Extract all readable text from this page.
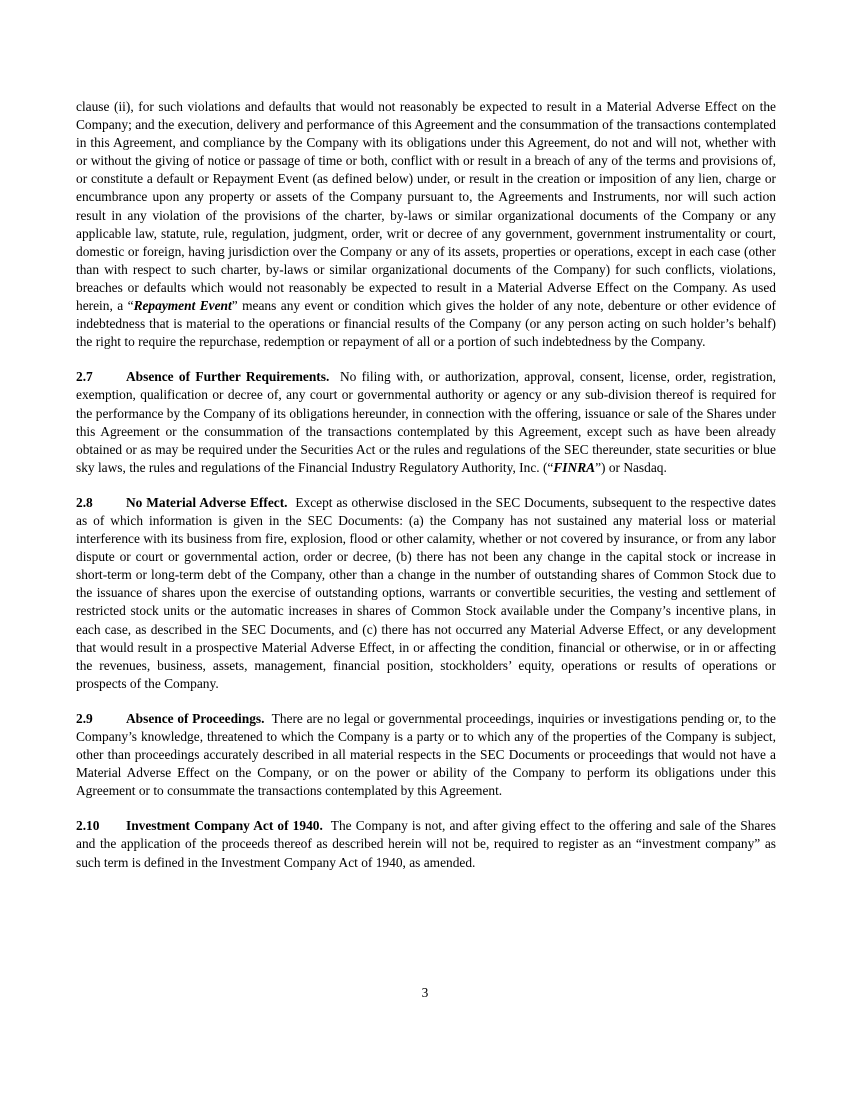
clause (ii), for such violations and defaults that would not reasonably be expected to result in a Material Adverse Effect on the Company; and the execution, delivery and performance of this Agreement and the consummation of the transactions contemplated in this Agreement, and compliance by the Company with its obligations under this Agreement, do not and will not, whether with or without the giving of notice or passage of time or both, conflict with or result in a breach of any of the terms and provisions of, or constitute a default or Repayment Event (as defined below) under, or result in the creation or imposition of any lien, charge or encumbrance upon any property or assets of the Company pursuant to, the Agreements and Instruments, nor will such action result in any violation of the provisions of the charter, by-laws or similar organizational documents of the Company or any applicable law, statute, rule, regulation, judgment, order, writ or decree of any government, government instrumentality or court, domestic or foreign, having jurisdiction over the Company or any of its assets, properties or operations, except in each case (other than with respect to such charter, by-laws or similar organizational documents of the Company) for such conflicts, violations, breaches or defaults which would not reasonably be expected to result in a Material Adverse Effect on the Company. As used herein, a “Repayment Event” means any event or condition which gives the holder of any note, debenture or other evidence of indebtedness that is material to the operations or financial results of the Company (or any person acting on such holder’s behalf) the right to require the repurchase, redemption or repayment of all or a portion of such indebtedness by the Company.

2.7 Absence of Further Requirements. No filing with, or authorization, approval, consent, license, order, registration, exemption, qualification or decree of, any court or governmental authority or agency or any sub-division thereof is required for the performance by the Company of its obligations hereunder, in connection with the offering, issuance or sale of the Shares under this Agreement or the consummation of the transactions contemplated by this Agreement, except such as have been already obtained or as may be required under the Securities Act or the rules and regulations of the SEC thereunder, state securities or blue sky laws, the rules and regulations of the Financial Industry Regulatory Authority, Inc. (“FINRA”) or Nasdaq.

2.8 No Material Adverse Effect. Except as otherwise disclosed in the SEC Documents, subsequent to the respective dates as of which information is given in the SEC Documents: (a) the Company has not sustained any material loss or material interference with its business from fire, explosion, flood or other calamity, whether or not covered by insurance, or from any labor dispute or court or governmental action, order or decree, (b) there has not been any change in the capital stock or increase in short-term or long-term debt of the Company, other than a change in the number of outstanding shares of Common Stock due to the issuance of shares upon the exercise of outstanding options, warrants or convertible securities, the vesting and settlement of restricted stock units or the automatic increases in shares of Common Stock available under the Company’s incentive plans, in each case, as described in the SEC Documents, and (c) there has not occurred any Material Adverse Effect, or any development that would result in a prospective Material Adverse Effect, in or affecting the condition, financial or otherwise, or in or affecting the revenues, business, assets, management, financial position, stockholders’ equity, operations or results of operations or prospects of the Company.

2.9 Absence of Proceedings. There are no legal or governmental proceedings, inquiries or investigations pending or, to the Company’s knowledge, threatened to which the Company is a party or to which any of the properties of the Company is subject, other than proceedings accurately described in all material respects in the SEC Documents or proceedings that would not have a Material Adverse Effect on the Company, or on the power or ability of the Company to perform its obligations under this Agreement or to consummate the transactions contemplated by this Agreement.

2.10 Investment Company Act of 1940. The Company is not, and after giving effect to the offering and sale of the Shares and the application of the proceeds thereof as described herein will not be, required to register as an “investment company” as such term is defined in the Investment Company Act of 1940, as amended.

3
